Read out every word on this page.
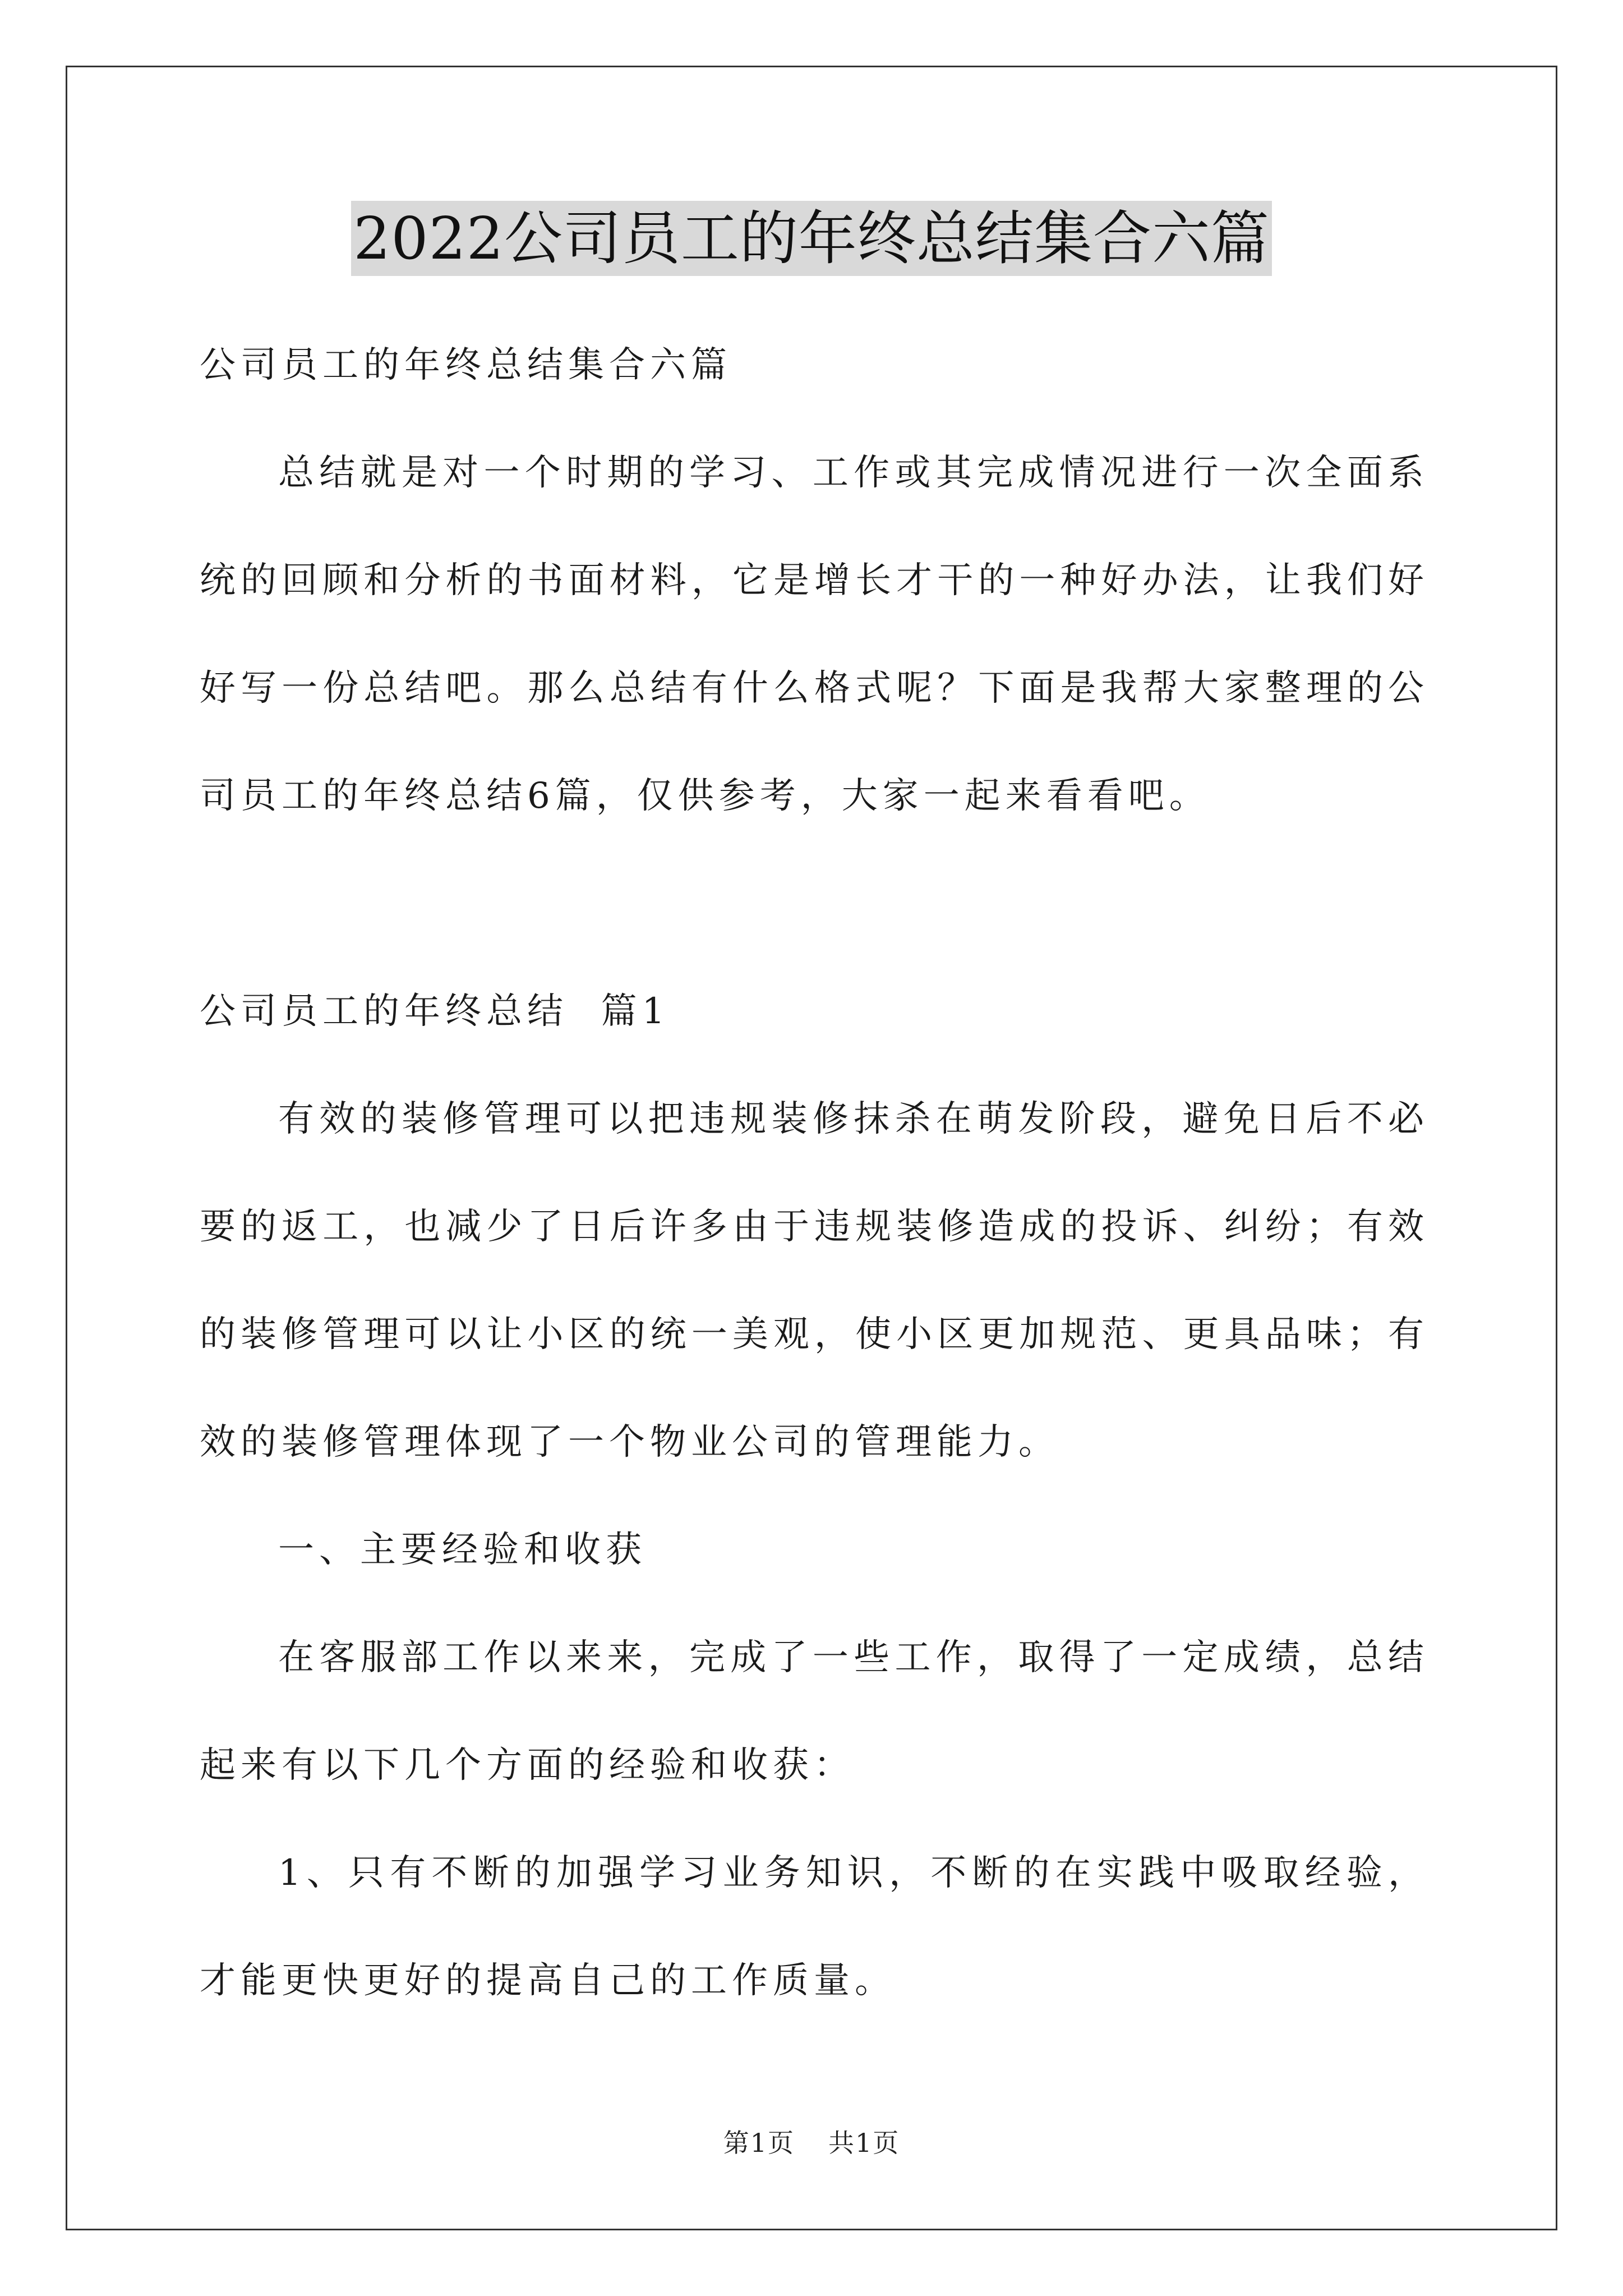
2022公司员工的年终总结集合六篇

公司员工的年终总结集合六篇

总结就是对一个时期的学习、工作或其完成情况进行一次全面系统的回顾和分析的书面材料，它是增长才干的一种好办法，让我们好好写一份总结吧。那么总结有什么格式呢？下面是我帮大家整理的公司员工的年终总结6篇，仅供参考，大家一起来看看吧。

公司员工的年终总结  篇1

有效的装修管理可以把违规装修抹杀在萌发阶段，避免日后不必要的返工，也减少了日后许多由于违规装修造成的投诉、纠纷；有效的装修管理可以让小区的统一美观，使小区更加规范、更具品味；有效的装修管理体现了一个物业公司的管理能力。

一、主要经验和收获

在客服部工作以来来，完成了一些工作，取得了一定成绩，总结起来有以下几个方面的经验和收获：

1、只有不断的加强学习业务知识，不断的在实践中吸取经验，才能更快更好的提高自己的工作质量。

第1页 共1页
